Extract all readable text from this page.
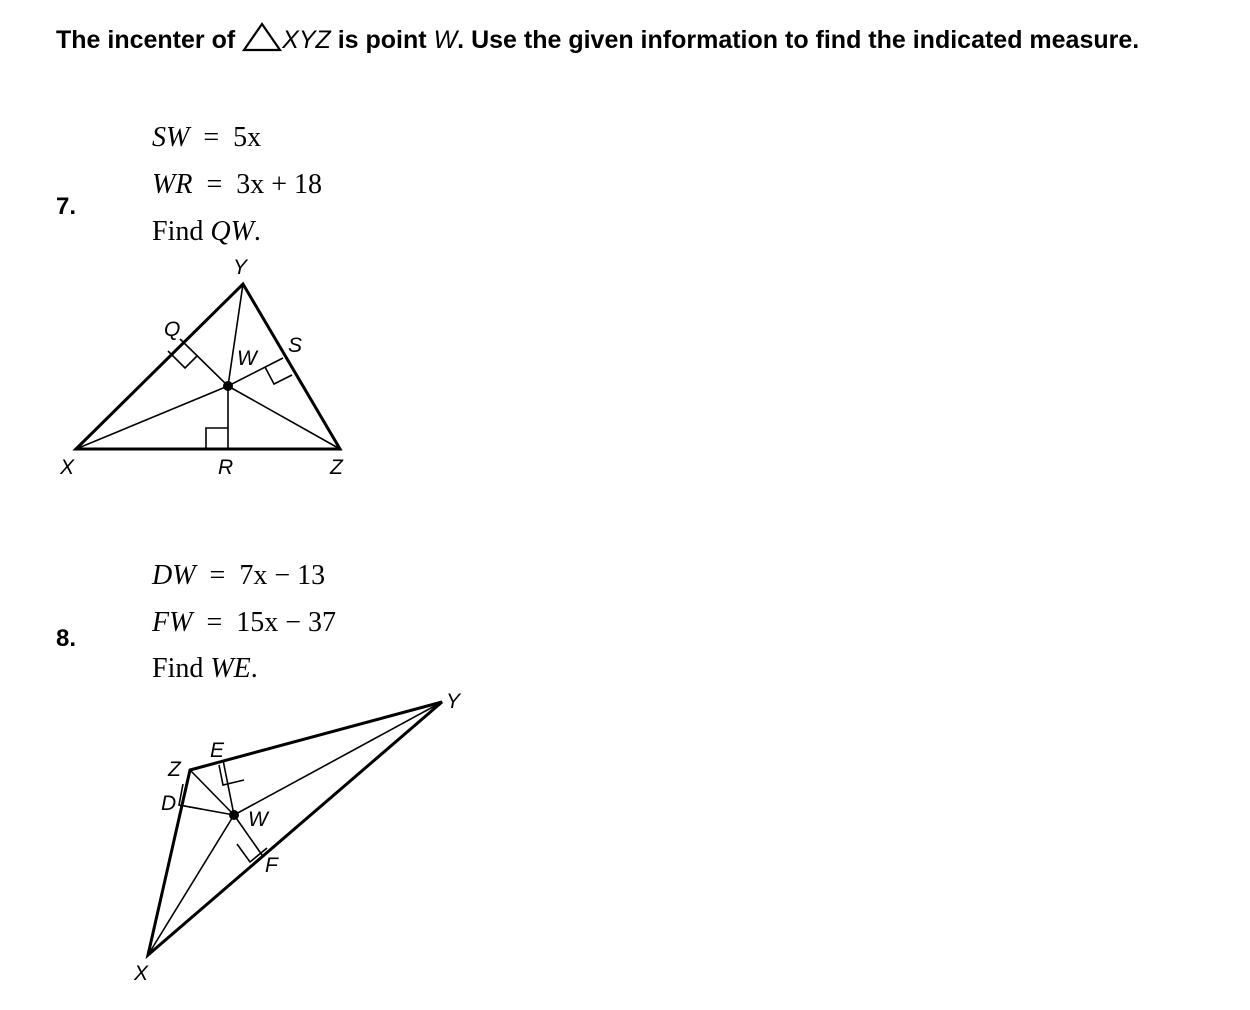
The incenter of XYZ is point W. Use the given information to find the indicated measure.

SW = 5x

WR = 3x + 18

7.

Find QW.

Y
Q
S
W
X	R	Z
Y
E
Z
D
W
F
X

DW = 7x − 13

FW = 15x − 37

8.

Find WE.
